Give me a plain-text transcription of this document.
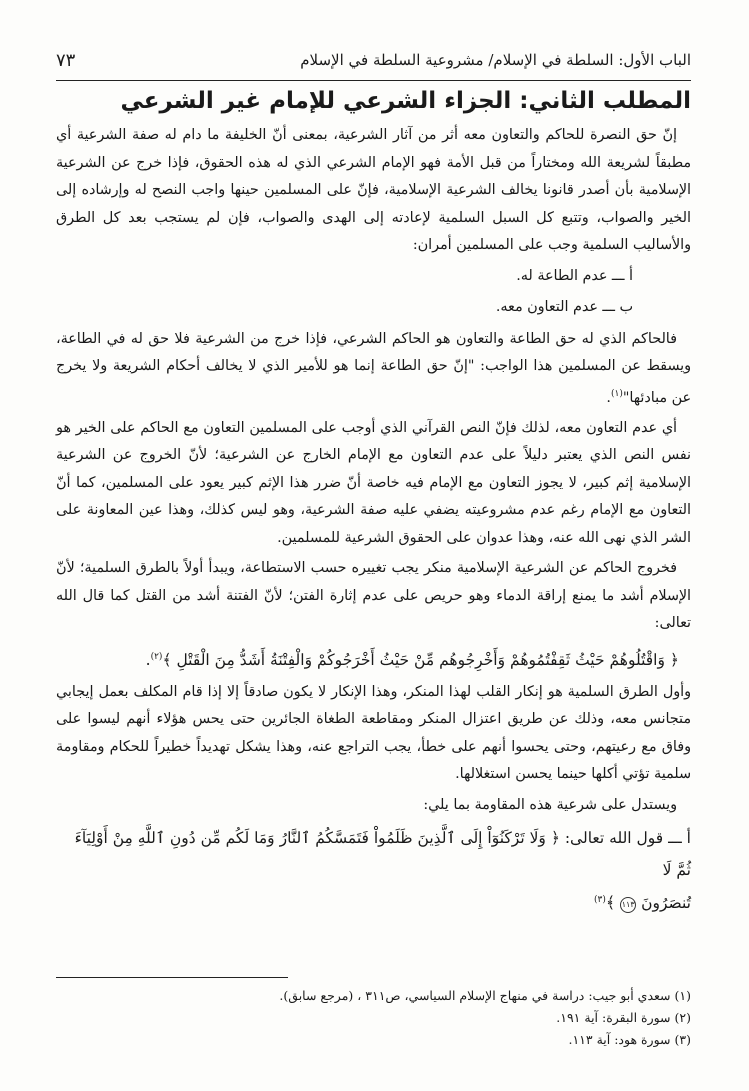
الباب الأول: السلطة في الإسلام/ مشروعية السلطة في الإسلام
٧٣
المطلب الثاني: الجزاء الشرعي للإمام غير الشرعي

إنّ حق النصرة للحاكم والتعاون معه أثر من آثار الشرعية، بمعنى أنّ الخليفة ما دام له صفة الشرعية أي مطبقاً لشريعة الله ومختاراً من قبل الأمة فهو الإمام الشرعي الذي له هذه الحقوق، فإذا خرج عن الشرعية الإسلامية بأن أصدر قانونا يخالف الشرعية الإسلامية، فإنّ على المسلمين حينها واجب النصح له وإرشاده إلى الخير والصواب، وتتبع كل السبل السلمية لإعادته إلى الهدى والصواب، فإن لم يستجب بعد كل الطرق والأساليب السلمية وجب على المسلمين أمران:

أ ـــ عدم الطاعة له.

ب ـــ عدم التعاون معه.

فالحاكم الذي له حق الطاعة والتعاون هو الحاكم الشرعي، فإذا خرج من الشرعية فلا حق له في الطاعة، ويسقط عن المسلمين هذا الواجب: "إنّ حق الطاعة إنما هو للأمير الذي لا يخالف أحكام الشريعة ولا يخرج عن مبادئها"$^{(١)}$.

أي عدم التعاون معه، لذلك فإنّ النص القرآني الذي أوجب على المسلمين التعاون مع الحاكم على الخير هو نفس النص الذي يعتبر دليلاً على عدم التعاون مع الإمام الخارج عن الشرعية؛ لأنّ الخروج عن الشرعية الإسلامية إثم كبير، لا يجوز التعاون مع الإمام فيه خاصة أنّ ضرر هذا الإثم كبير يعود على المسلمين، كما أنّ التعاون مع الإمام رغم عدم مشروعيته يضفي عليه صفة الشرعية، وهو ليس كذلك، وهذا عين المعاونة على الشر الذي نهى الله عنه، وهذا عدوان على الحقوق الشرعية للمسلمين.

فخروج الحاكم عن الشرعية الإسلامية منكر يجب تغييره حسب الاستطاعة، ويبدأ أولاً بالطرق السلمية؛ لأنّ الإسلام أشد ما يمنع إراقة الدماء وهو حريص على عدم إثارة الفتن؛ لأنّ الفتنة أشد من القتل كما قال الله تعالى:

﴿ وَاقْتُلُوهُمْ حَيْثُ ثَقِفْتُمُوهُمْ وَأَخْرِجُوهُم مِّنْ حَيْثُ أَخْرَجُوكُمْ وَالْفِتْنَةُ أَشَدُّ مِنَ الْقَتْلِ ﴾$^{(٢)}$.

وأول الطرق السلمية هو إنكار القلب لهذا المنكر، وهذا الإنكار لا يكون صادقاً إلا إذا قام المكلف بعمل إيجابي متجانس معه، وذلك عن طريق اعتزال المنكر ومقاطعة الطغاة الجائرين حتى يحس هؤلاء أنهم ليسوا على وفاق مع رعيتهم، وحتى يحسوا أنهم على خطأ، يجب التراجع عنه، وهذا يشكل تهديداً خطيراً للحكام ومقاومة سلمية تؤتي أكلها حينما يحسن استغلالها.

ويستدل على شرعية هذه المقاومة بما يلي:

أ ـــ قول الله تعالى: ﴿ وَلَا تَرْكَنُوٓاْ إِلَى ٱلَّذِينَ ظَلَمُواْ فَتَمَسَّكُمُ ٱلنَّارُ وَمَا لَكُم مِّن دُونِ ٱللَّهِ مِنْ أَوْلِيَآءَ ثُمَّ لَا

تُنصَرُونَ ١١٣ ﴾$^{(٣)}$

(١) سعدي أبو جيب: دراسة في منهاج الإسلام السياسي، ص٣١١ ، (مرجع سابق).

(٢) سورة البقرة: آية ١٩١.

(٣) سورة هود: آية ١١٣.
